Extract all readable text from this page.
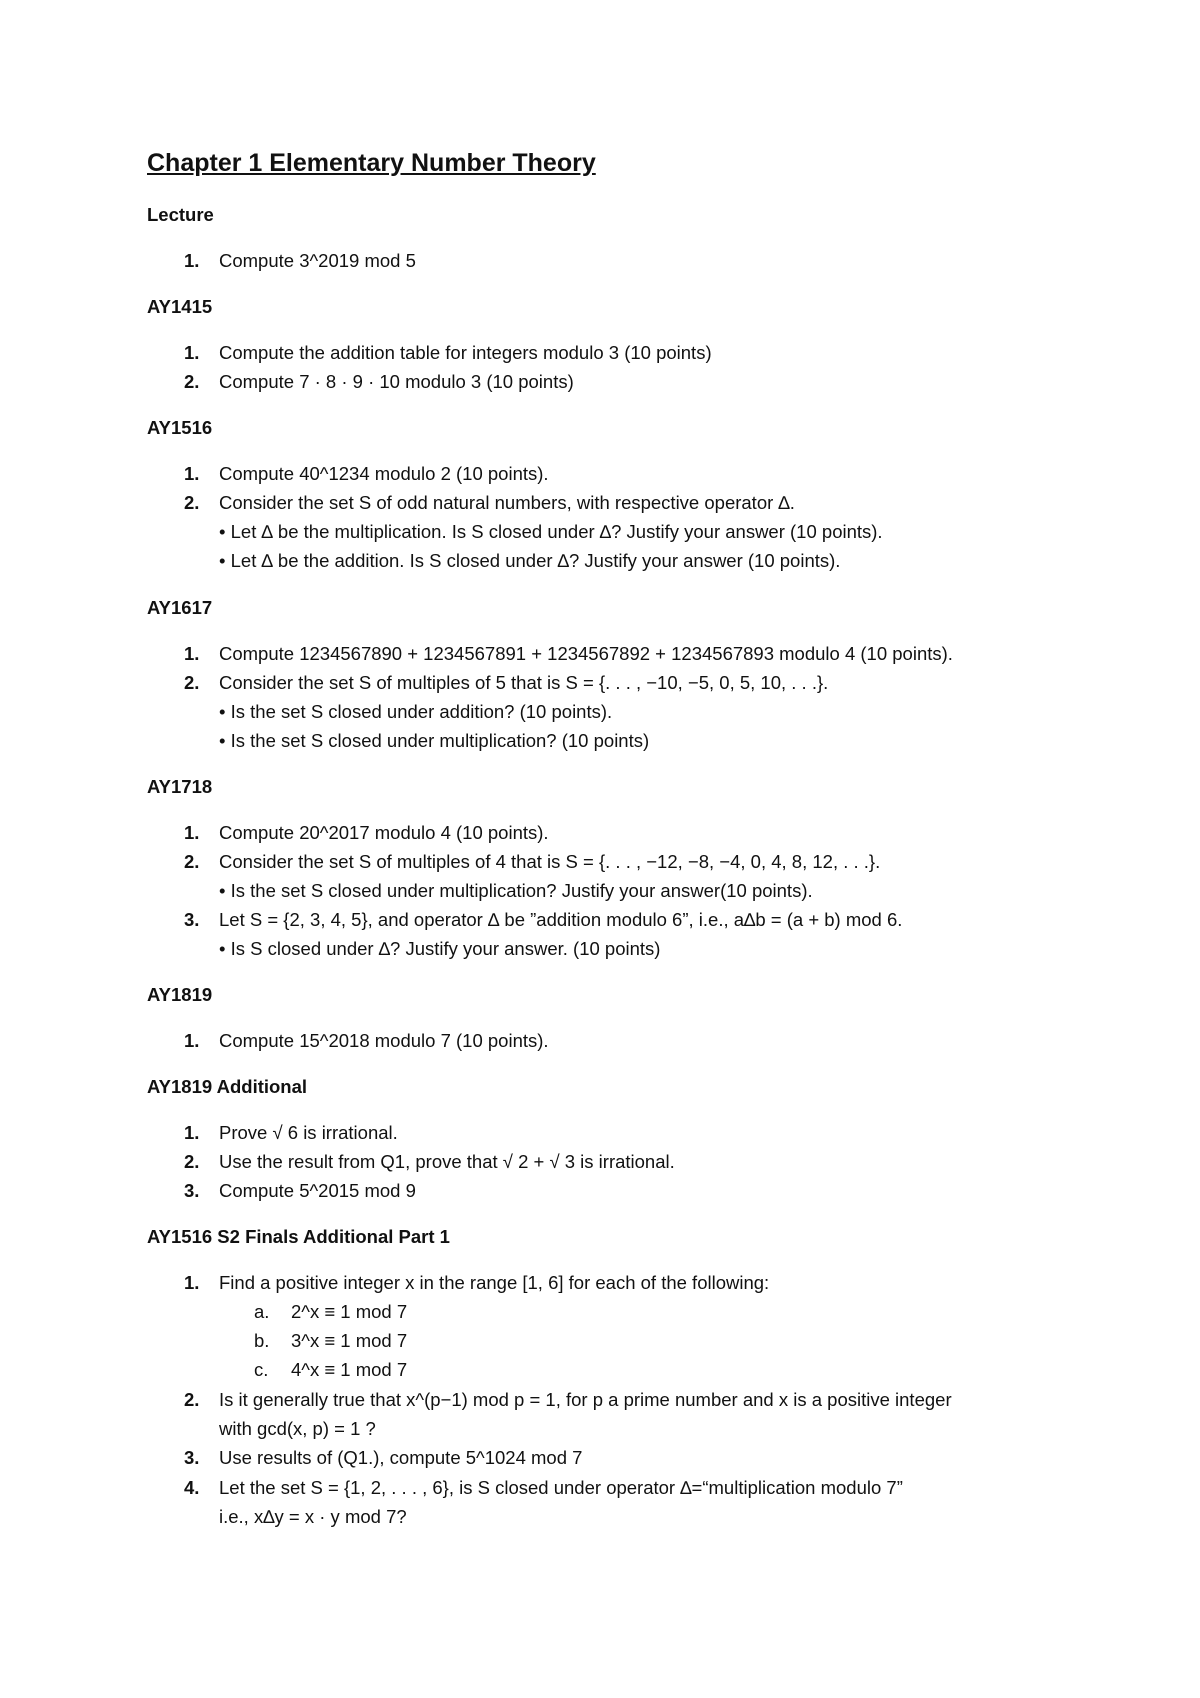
Chapter 1 Elementary Number Theory
Lecture
1. Compute 3^2019 mod 5
AY1415
1. Compute the addition table for integers modulo 3 (10 points)
2. Compute 7 · 8 · 9 · 10 modulo 3 (10 points)
AY1516
1. Compute 40^1234 modulo 2 (10 points).
2. Consider the set S of odd natural numbers, with respective operator ∆.
• Let ∆ be the multiplication. Is S closed under ∆? Justify your answer (10 points).
• Let ∆ be the addition. Is S closed under ∆? Justify your answer (10 points).
AY1617
1. Compute 1234567890 + 1234567891 + 1234567892 + 1234567893 modulo 4 (10 points).
2. Consider the set S of multiples of 5 that is S = {. . . , −10, −5, 0, 5, 10, . . .}.
• Is the set S closed under addition? (10 points).
• Is the set S closed under multiplication? (10 points)
AY1718
1. Compute 20^2017 modulo 4 (10 points).
2. Consider the set S of multiples of 4 that is S = {. . . , −12, −8, −4, 0, 4, 8, 12, . . .}.
• Is the set S closed under multiplication? Justify your answer(10 points).
3. Let S = {2, 3, 4, 5}, and operator ∆ be ”addition modulo 6”, i.e., a∆b = (a + b) mod 6.
• Is S closed under ∆? Justify your answer. (10 points)
AY1819
1. Compute 15^2018 modulo 7 (10 points).
AY1819 Additional
1. Prove √ 6 is irrational.
2. Use the result from Q1, prove that √ 2 + √ 3 is irrational.
3. Compute 5^2015 mod 9
AY1516 S2 Finals Additional Part 1
1. Find a positive integer x in the range [1, 6] for each of the following:
a. 2^x ≡ 1 mod 7
b. 3^x ≡ 1 mod 7
c. 4^x ≡ 1 mod 7
2. Is it generally true that x^(p−1) mod p = 1, for p a prime number and x is a positive integer
with gcd(x, p) = 1 ?
3. Use results of (Q1.), compute 5^1024 mod 7
4. Let the set S = {1, 2, . . . , 6}, is S closed under operator ∆=“multiplication modulo 7”
i.e., x∆y = x · y mod 7?
